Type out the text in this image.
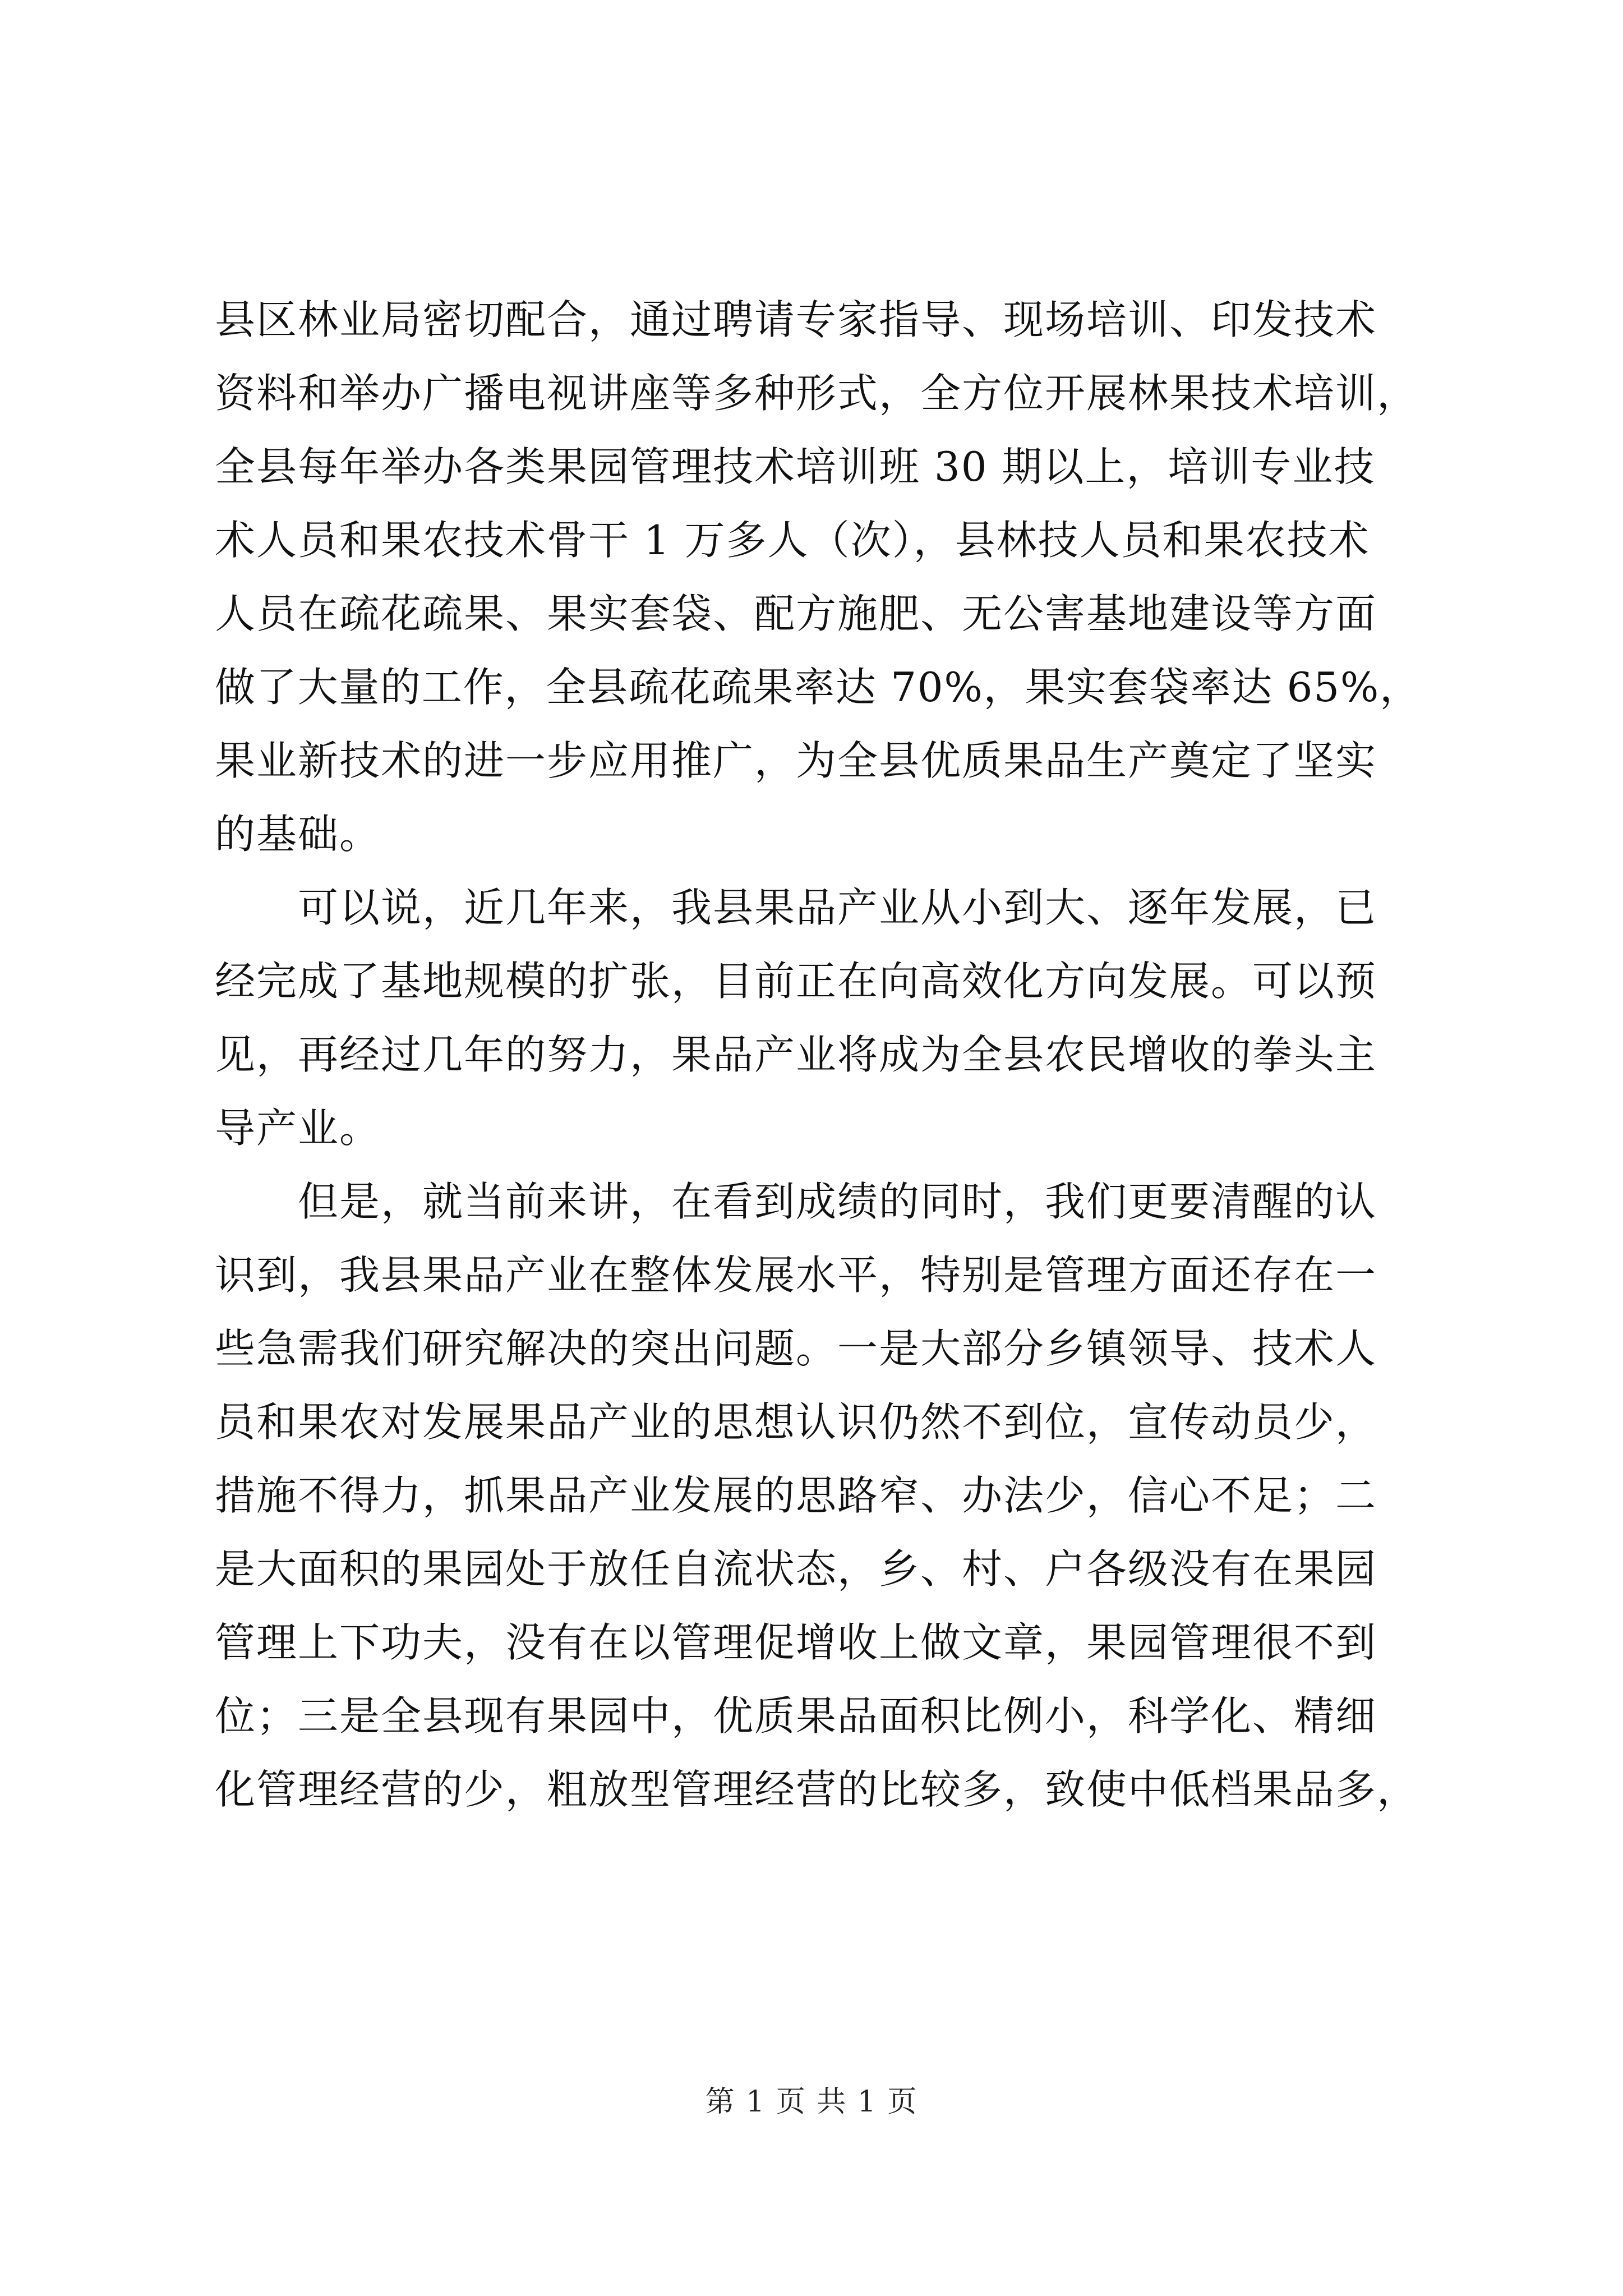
县区林业局密切配合，通过聘请专家指导、现场培训、印发技术
资料和举办广播电视讲座等多种形式，全方位开展林果技术培训，
全县每年举办各类果园管理技术培训班 30 期以上，培训专业技
术人员和果农技术骨干 1 万多人（次），县林技人员和果农技术
人员在疏花疏果、果实套袋、配方施肥、无公害基地建设等方面
做了大量的工作，全县疏花疏果率达 70%，果实套袋率达 65%，
果业新技术的进一步应用推广，为全县优质果品生产奠定了坚实
的基础。
　　可以说，近几年来，我县果品产业从小到大、逐年发展，已
经完成了基地规模的扩张，目前正在向高效化方向发展。可以预
见，再经过几年的努力，果品产业将成为全县农民增收的拳头主
导产业。
　　但是，就当前来讲，在看到成绩的同时，我们更要清醒的认
识到，我县果品产业在整体发展水平，特别是管理方面还存在一
些急需我们研究解决的突出问题。一是大部分乡镇领导、技术人
员和果农对发展果品产业的思想认识仍然不到位，宣传动员少，
措施不得力，抓果品产业发展的思路窄、办法少，信心不足；二
是大面积的果园处于放任自流状态，乡、村、户各级没有在果园
管理上下功夫，没有在以管理促增收上做文章，果园管理很不到
位；三是全县现有果园中，优质果品面积比例小，科学化、精细
化管理经营的少，粗放型管理经营的比较多，致使中低档果品多，
第 1 页 共 1 页
